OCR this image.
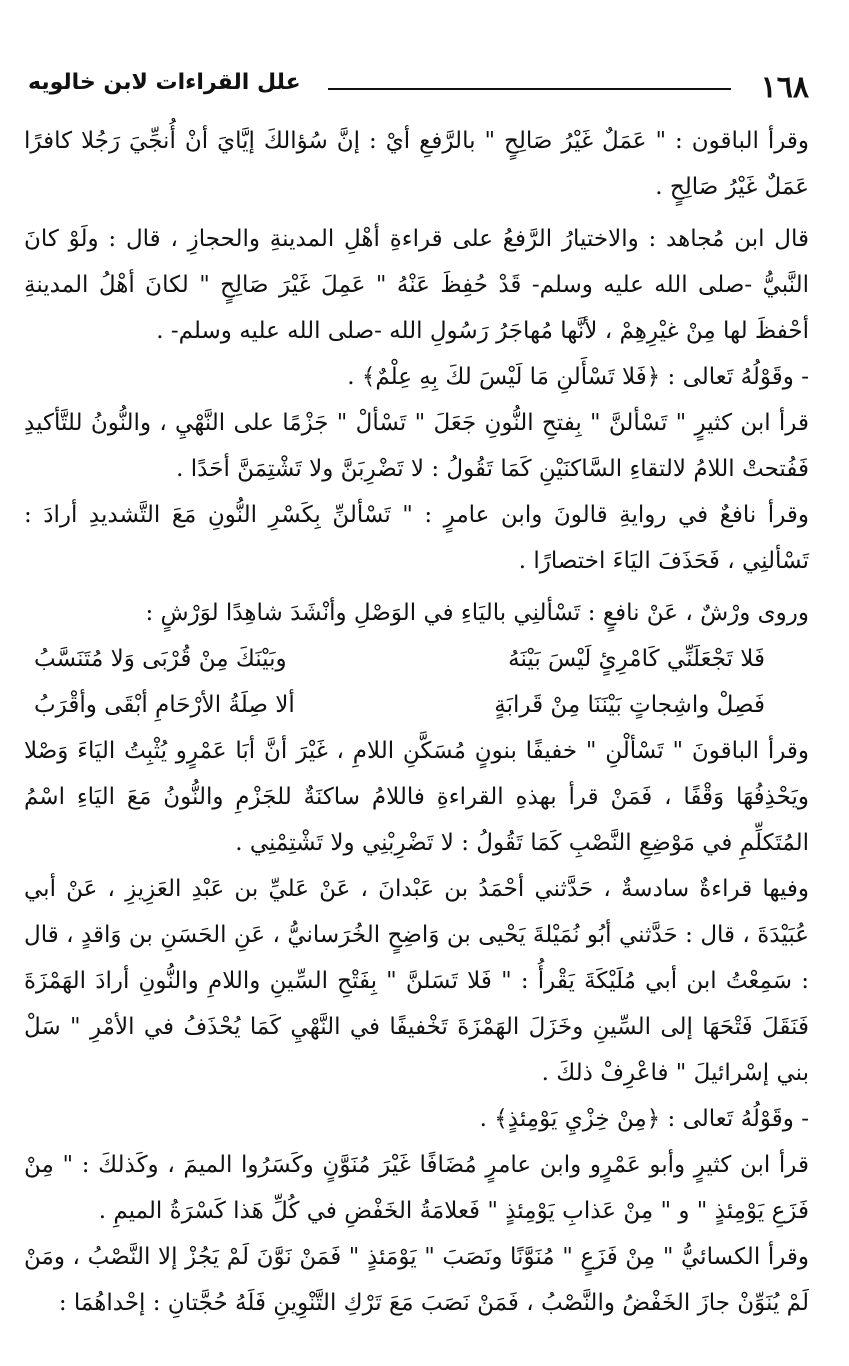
١٦٨
علل القراءات لابن خالويه

وقرأ الباقون : " عَمَلٌ غَيْرُ صَالِحٍ " بالرَّفعِ أيْ : إنَّ سُؤالكَ إيَّايَ أنْ أُنجِّيَ رَجُلا كافرًا عَمَلٌ غَيْرُ صَالِحٍ .

قال ابن مُجاهد : والاختيارُ الرَّفعُ على قراءةِ أهْلِ المدينةِ والحجازِ ، قال : ولَوْ كانَ النَّبيُّ -صلى الله عليه وسلم- قَدْ حُفِظَ عَنْهُ " عَمِلَ غَيْرَ صَالِحٍ " لكانَ أهْلُ المدينةِ أحْفظَ لها مِنْ غيْرِهِمْ ، لأنَّها مُهاجَرُ رَسُولِ الله -صلى الله عليه وسلم- .

- وقَوْلُهُ تَعالى : ﴿فَلا تَسْأَلنِ مَا لَيْسَ لكَ بِهِ عِلْمٌ﴾ .

قرأ ابن كثيرٍ " تَسْألنَّ " بِفتحِ النُّونِ جَعَلَ " تَسْألْ " جَزْمًا على النَّهْيِ ، والنُّونُ للتَّأكيدِ فَفُتحتْ اللامُ لالتقاءِ السَّاكنَيْنِ كَمَا تَقُولُ : لا تَضْرِبَنَّ ولا تَشْتِمَنَّ أحَدًا .

وقرأ نافعٌ في روايةِ قالونَ وابن عامرٍ : " تَسْألنِّ بِكَسْرِ النُّونِ مَعَ التَّشديدِ أرادَ : تَسْألنِي ، فَحَذَفَ اليَاءَ اختصارًا .

وروى ورْشٌ ، عَنْ نافعٍ : تَسْألنِي باليَاءِ في الوَصْلِ وأنْشَدَ شاهِدًا لوَرْشٍ :

فَلا تَجْعَلَنِّي كَامْرِئٍ لَيْسَ بَيْنَهُ
وبَيْنَكَ مِنْ قُرْبَى وَلا مُتَنَسَّبُ
فَصِلْ واشِجاتٍ بَيْنَنَا مِنْ قَرابَةٍ
ألا صِلَةُ الأرْحَامِ أبْقَى وأقْرَبُ

وقرأ الباقونَ " تَسْألْنِ " خفيفًا بنونٍ مُسَكَّنِ اللامِ ، غَيْرَ أنَّ أبَا عَمْرٍو يُثْبِتُ اليَاءَ وَصْلا ويَحْذِفُهَا وَقْفًا ، فَمَنْ قرأ بهذهِ القراءةِ فاللامُ ساكنَةٌ للجَزْمِ والنُّونُ مَعَ اليَاءِ اسْمُ المُتَكلِّمِ في مَوْضِعِ النَّصْبِ كَمَا تَقُولُ : لا تَضْرِبْنِي ولا تَشْتِمْنِي .

وفيها قراءةٌ سادسةٌ ، حَدَّثني أحْمَدُ بن عَبْدانَ ، عَنْ عَليِّ بن عَبْدِ العَزِيزِ ، عَنْ أبي عُبَيْدَةَ ، قال : حَدَّثني أبُو نُمَيْلةَ يَحْيى بن وَاضِحٍ الخُرَسانيُّ ، عَنِ الحَسَنِ بن وَاقدٍ ، قال : سَمِعْتُ ابن أبي مُلَيْكَةَ يَقْرأُ : " فَلا تَسَلنَّ " بِفَتْحِ السِّينِ واللامِ والنُّونِ أرادَ الهَمْزَةَ فَنَقَلَ فَتْحَهَا إلى السِّينِ وخَزَلَ الهَمْزَةَ تَخْفيفًا في النَّهْيِ كَمَا يُحْذَفُ في الأمْرِ " سَلْ بني إسْرائيلَ " فاعْرِفْ ذلكَ .

- وقَوْلُهُ تَعالى : ﴿مِنْ خِزْيِ يَوْمِئذٍ﴾ .

قرأ ابن كثيرٍ وأبو عَمْرٍو وابن عامرٍ مُضَافًا غَيْرَ مُنَوَّنٍ وكَسَرُوا الميمَ ، وكَذلكَ : " مِنْ فَزَعِ يَوْمِئذٍ " و " مِنْ عَذابِ يَوْمِئذٍ " فَعلامَةُ الخَفْضِ في كُلِّ هَذا كَسْرَةُ الميمِ .

وقرأ الكسائيُّ " مِنْ فَزَعٍ " مُنَوَّنًا ونَصَبَ " يَوْمَئذٍ " فَمَنْ نَوَّنَ لَمْ يَجُزْ إلا النَّصْبُ ، ومَنْ لَمْ يُنَوِّنْ جازَ الخَفْضُ والنَّصْبُ ، فَمَنْ نَصَبَ مَعَ تَرْكِ التَّنْوِينِ فَلَهُ حُجَّتانِ : إحْداهُمَا :
